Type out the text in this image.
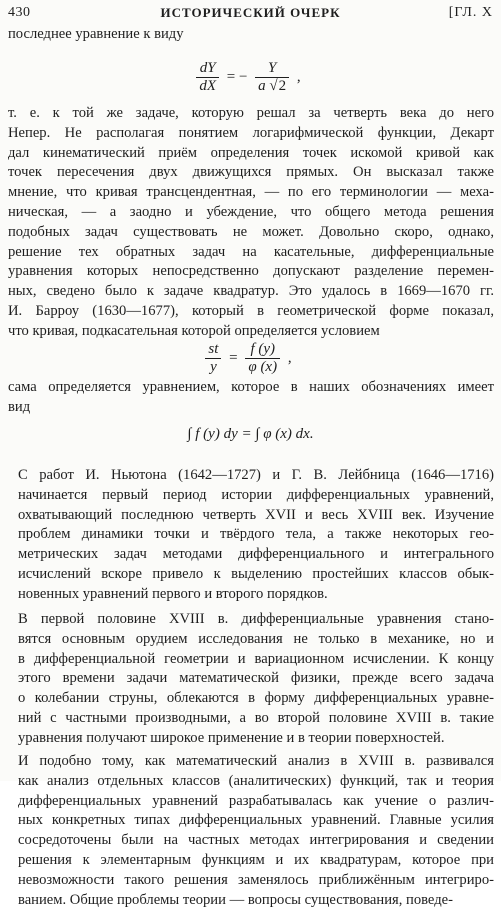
430	ИСТОРИЧЕСКИЙ ОЧЕРК	[ГЛ. X
последнее уравнение к виду
$\frac{dY}{dX}$ = − $\frac{Y}{a √2}$ ,
т. е. к той же задаче, которую решал за четверть века до него
Непер. Не располагая понятием логарифмической функции, Декарт
дал кинематический приём определения точек искомой кривой как
точек пересечения двух движущихся прямых. Он высказал также
мнение, что кривая трансцендентная, — по его терминологии — меха-
ническая, — а заодно и убеждение, что общего метода решения
подобных задач существовать не может. Довольно скоро, однако,
решение тех обратных задач на касательные, дифференциальные
уравнения которых непосредственно допускают разделение перемен-
ных, сведено было к задаче квадратур. Это удалось в 1669—1670 гг.
И. Барроу (1630—1677), который в геометрической форме показал,
что кривая, подкасательная которой определяется условием
$\frac{st}{y} = \frac{f (y)}{\varphi (x)}$ ,
сама определяется уравнением, которое в наших обозначениях имеет
вид
∫ f (y) dy = ∫ φ (x) dx.
С работ И. Ньютона (1642—1727) и Г. В. Лейбница (1646—1716)
начинается первый период истории дифференциальных уравнений,
охватывающий последнюю четверть XVII и весь XVIII век. Изучение
проблем динамики точки и твёрдого тела, а также некоторых гео-
метрических задач методами дифференциального и интегрального
исчислений вскоре привело к выделению простейших классов обык-
новенных уравнений первого и второго порядков.
В первой половине XVIII в. дифференциальные уравнения стано-
вятся основным орудием исследования не только в механике, но и
в дифференциальной геометрии и вариационном исчислении. К концу
этого времени задачи математической физики, прежде всего задача
о колебании струны, облекаются в форму дифференциальных уравне-
ний с частными производными, а во второй половине XVIII в. такие
уравнения получают широкое применение и в теории поверхностей.
И подобно тому, как математический анализ в XVIII в. развивался
как анализ отдельных классов (аналитических) функций, так и теория
дифференциальных уравнений разрабатывалась как учение о различ-
ных конкретных типах дифференциальных уравнений. Главные усилия
сосредоточены были на частных методах интегрирования и сведении
решения к элементарным функциям и их квадратурам, которое при
невозможности такого решения заменялось приближённым интегриро-
ванием. Общие проблемы теории — вопросы существования, поведе-
